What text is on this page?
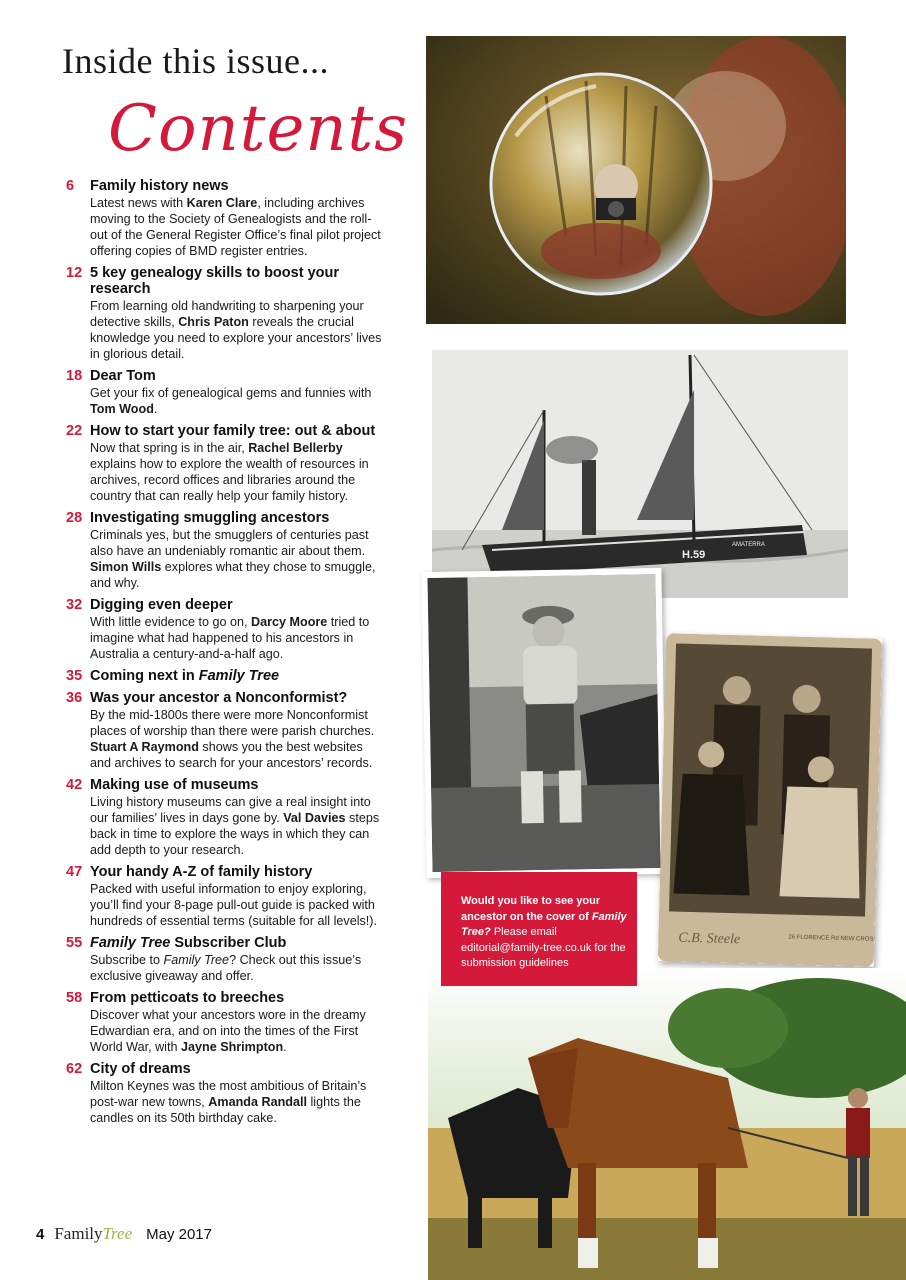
Inside this issue...
Contents
6	Family history news
Latest news with Karen Clare, including archives moving to the Society of Genealogists and the roll-out of the General Register Office’s final pilot project offering copies of BMD register entries.
12 5 key genealogy skills to boost your research
From learning old handwriting to sharpening your detective skills, Chris Paton reveals the crucial knowledge you need to explore your ancestors’ lives in glorious detail.
18 Dear Tom
Get your fix of genealogical gems and funnies with Tom Wood.
22 How to start your family tree: out & about
Now that spring is in the air, Rachel Bellerby explains how to explore the wealth of resources in archives, record offices and libraries around the country that can really help your family history.
28 Investigating smuggling ancestors
Criminals yes, but the smugglers of centuries past also have an undeniably romantic air about them. Simon Wills explores what they chose to smuggle, and why.
32 Digging even deeper
With little evidence to go on, Darcy Moore tried to imagine what had happened to his ancestors in Australia a century-and-a-half ago.
35 Coming next in Family Tree
36 Was your ancestor a Nonconformist?
By the mid-1800s there were more Nonconformist places of worship than there were parish churches. Stuart A Raymond shows you the best websites and archives to search for your ancestors’ records.
42 Making use of museums
Living history museums can give a real insight into our families’ lives in days gone by. Val Davies steps back in time to explore the ways in which they can add depth to your research.
47 Your handy A-Z of family history
Packed with useful information to enjoy exploring, you’ll find your 8-page pull-out guide is packed with hundreds of essential terms (suitable for all levels!).
55 Family Tree Subscriber Club
Subscribe to Family Tree? Check out this issue’s exclusive giveaway and offer.
58 From petticoats to breeches
Discover what your ancestors wore in the dreamy Edwardian era, and on into the times of the First World War, with Jayne Shrimpton.
62 City of dreams
Milton Keynes was the most ambitious of Britain’s post-war new towns, Amanda Randall lights the candles on its 50th birthday cake.
H.59
AMATERRA
C.B. Steele	26 FLORENCE Rd NEW CROSS
Would you like to see your ancestor on the cover of Family Tree? Please email editorial@family-tree.co.uk for the submission guidelines
4 FamilyTree May 2017
